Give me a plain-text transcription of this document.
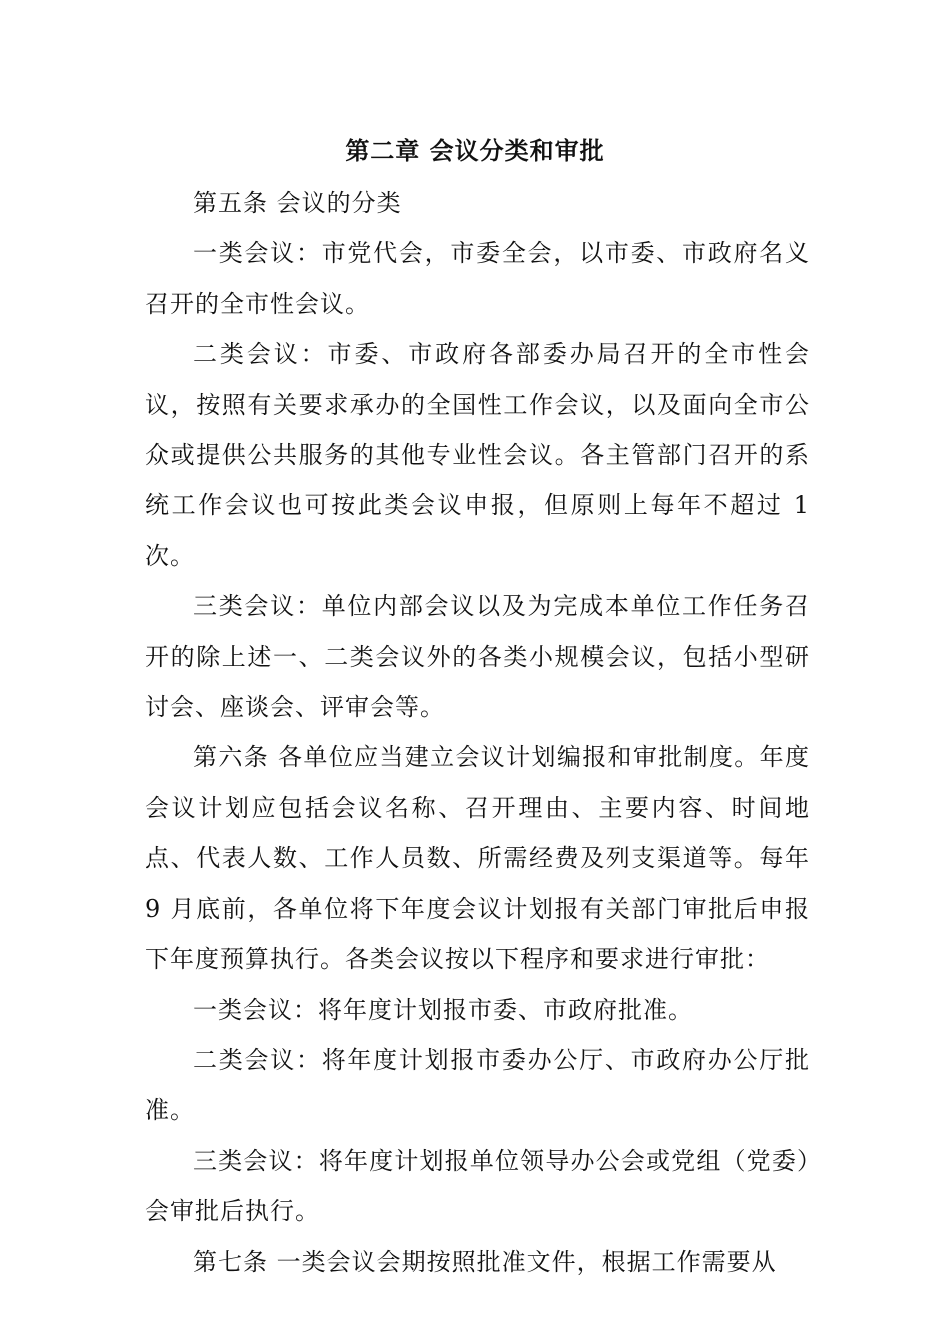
第二章 会议分类和审批

第五条 会议的分类

一类会议：市党代会，市委全会，以市委、市政府名义召开的全市性会议。

二类会议：市委、市政府各部委办局召开的全市性会议，按照有关要求承办的全国性工作会议，以及面向全市公众或提供公共服务的其他专业性会议。各主管部门召开的系统工作会议也可按此类会议申报，但原则上每年不超过 1 次。

三类会议：单位内部会议以及为完成本单位工作任务召开的除上述一、二类会议外的各类小规模会议，包括小型研讨会、座谈会、评审会等。

第六条 各单位应当建立会议计划编报和审批制度。年度会议计划应包括会议名称、召开理由、主要内容、时间地点、代表人数、工作人员数、所需经费及列支渠道等。每年 9 月底前，各单位将下年度会议计划报有关部门审批后申报下年度预算执行。各类会议按以下程序和要求进行审批：

一类会议：将年度计划报市委、市政府批准。

二类会议：将年度计划报市委办公厅、市政府办公厅批准。

三类会议：将年度计划报单位领导办公会或党组（党委）会审批后执行。

第七条 一类会议会期按照批准文件，根据工作需要从
